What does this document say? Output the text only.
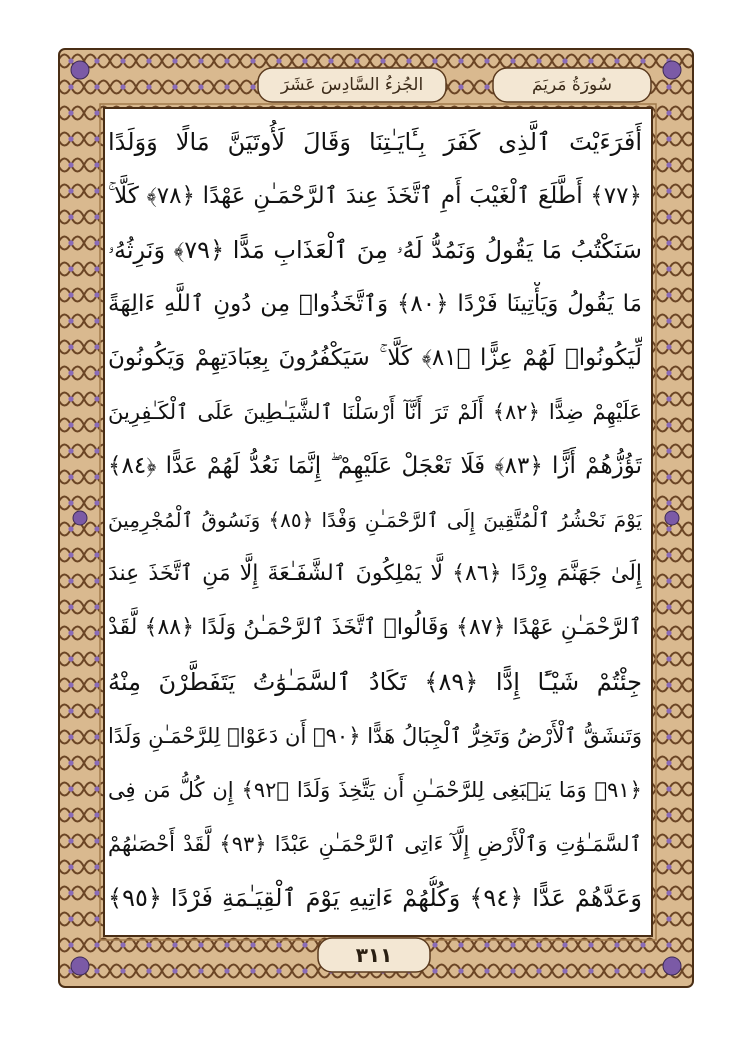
الجُزءُ السَّادِسَ عَشَرَ	سُورَةُ مَريَمَ
أَفَرَءَيْتَ ٱلَّذِى كَفَرَ بِـَٔايَـٰتِنَا وَقَالَ لَأُوتَيَنَّ مَالًا وَوَلَدًا
﴿٧٧﴾ أَطَّلَعَ ٱلْغَيْبَ أَمِ ٱتَّخَذَ عِندَ ٱلرَّحْمَـٰنِ عَهْدًا ﴿٧٨﴾ كَلَّا ۚ
سَنَكْتُبُ مَا يَقُولُ وَنَمُدُّ لَهُۥ مِنَ ٱلْعَذَابِ مَدًّا ﴿٧٩﴾ وَنَرِثُهُۥ
مَا يَقُولُ وَيَأْتِينَا فَرْدًا ﴿٨٠﴾ وَٱتَّخَذُوا۟ مِن دُونِ ٱللَّهِ ءَالِهَةً
لِّيَكُونُوا۟ لَهُمْ عِزًّا ﴿٨١﴾ كَلَّا ۚ سَيَكْفُرُونَ بِعِبَادَتِهِمْ وَيَكُونُونَ
عَلَيْهِمْ ضِدًّا ﴿٨٢﴾ أَلَمْ تَرَ أَنَّآ أَرْسَلْنَا ٱلشَّيَـٰطِينَ عَلَى ٱلْكَـٰفِرِينَ
تَؤُزُّهُمْ أَزًّا ﴿٨٣﴾ فَلَا تَعْجَلْ عَلَيْهِمْ ۖ إِنَّمَا نَعُدُّ لَهُمْ عَدًّا ﴿٨٤﴾
يَوْمَ نَحْشُرُ ٱلْمُتَّقِينَ إِلَى ٱلرَّحْمَـٰنِ وَفْدًا ﴿٨٥﴾ وَنَسُوقُ ٱلْمُجْرِمِينَ
إِلَىٰ جَهَنَّمَ وِرْدًا ﴿٨٦﴾ لَّا يَمْلِكُونَ ٱلشَّفَـٰعَةَ إِلَّا مَنِ ٱتَّخَذَ عِندَ
ٱلرَّحْمَـٰنِ عَهْدًا ﴿٨٧﴾ وَقَالُوا۟ ٱتَّخَذَ ٱلرَّحْمَـٰنُ وَلَدًا ﴿٨٨﴾ لَّقَدْ
جِئْتُمْ شَيْـًٔا إِدًّا ﴿٨٩﴾ تَكَادُ ٱلسَّمَـٰوَٰتُ يَتَفَطَّرْنَ مِنْهُ
وَتَنشَقُّ ٱلْأَرْضُ وَتَخِرُّ ٱلْجِبَالُ هَدًّا ﴿٩٠﴾ أَن دَعَوْا۟ لِلرَّحْمَـٰنِ وَلَدًا
﴿٩١﴾ وَمَا يَنۢبَغِى لِلرَّحْمَـٰنِ أَن يَتَّخِذَ وَلَدًا ﴿٩٢﴾ إِن كُلُّ مَن فِى
ٱلسَّمَـٰوَٰتِ وَٱلْأَرْضِ إِلَّآ ءَاتِى ٱلرَّحْمَـٰنِ عَبْدًا ﴿٩٣﴾ لَّقَدْ أَحْصَىٰهُمْ
وَعَدَّهُمْ عَدًّا ﴿٩٤﴾ وَكُلُّهُمْ ءَاتِيهِ يَوْمَ ٱلْقِيَـٰمَةِ فَرْدًا ﴿٩٥﴾
٣١١
